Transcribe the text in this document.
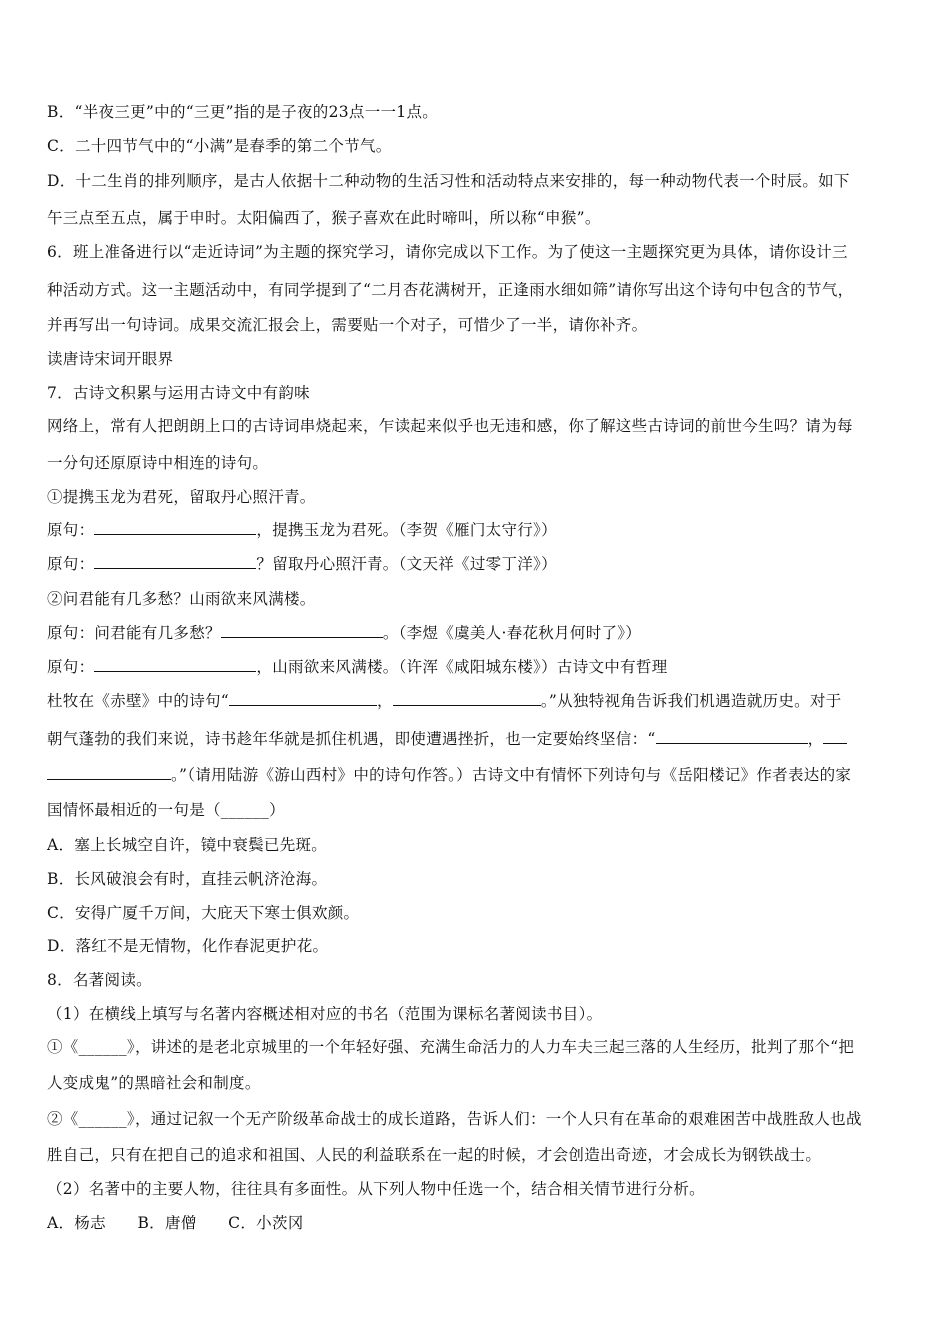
B．“半夜三更”中的“三更”指的是子夜的23点一一1点。
C．二十四节气中的“小满”是春季的第二个节气。
D．十二生肖的排列顺序，是古人依据十二种动物的生活习性和活动特点来安排的，每一种动物代表一个时辰。如下
午三点至五点，属于申时。太阳偏西了，猴子喜欢在此时啼叫，所以称“申猴”。
6．班上准备进行以“走近诗词”为主题的探究学习，请你完成以下工作。为了使这一主题探究更为具体，请你设计三
种活动方式。这一主题活动中，有同学提到了“二月杏花满树开，正逢雨水细如筛”请你写出这个诗句中包含的节气，
并再写出一句诗词。成果交流汇报会上，需要贴一个对子，可惜少了一半，请你补齐。
读唐诗宋词开眼界
7．古诗文积累与运用古诗文中有韵味
网络上，常有人把朗朗上口的古诗词串烧起来，乍读起来似乎也无违和感，你了解这些古诗词的前世今生吗？请为每
一分句还原原诗中相连的诗句。
①提携玉龙为君死，留取丹心照汗青。
原句：	，提携玉龙为君死。（李贺《雁门太守行》）
原句：	？留取丹心照汗青。（文天祥《过零丁洋》）
②问君能有几多愁？山雨欲来风满楼。
原句：问君能有几多愁？	。（李煜《虞美人·春花秋月何时了》）
原句：	，山雨欲来风满楼。（许浑《咸阳城东楼》）古诗文中有哲理
杜牧在《赤壁》中的诗句“	，	。”从独特视角告诉我们机遇造就历史。对于
朝气蓬勃的我们来说，诗书趁年华就是抓住机遇，即使遭遇挫折，也一定要始终坚信：“	，
。”（请用陆游《游山西村》中的诗句作答。）古诗文中有情怀下列诗句与《岳阳楼记》作者表达的家
国情怀最相近的一句是（______）
A．塞上长城空自许，镜中衰鬓已先斑。
B．长风破浪会有时，直挂云帆济沧海。
C．安得广厦千万间，大庇天下寒士俱欢颜。
D．落红不是无情物，化作春泥更护花。
8．名著阅读。
（1）在横线上填写与名著内容概述相对应的书名（范围为课标名著阅读书目）。
①《______》，讲述的是老北京城里的一个年轻好强、充满生命活力的人力车夫三起三落的人生经历，批判了那个“把
人变成鬼”的黑暗社会和制度。
②《______》，通过记叙一个无产阶级革命战士的成长道路，告诉人们：一个人只有在革命的艰难困苦中战胜敌人也战
胜自己，只有在把自己的追求和祖国、人民的利益联系在一起的时候，才会创造出奇迹，才会成长为钢铁战士。
（2）名著中的主要人物，往往具有多面性。从下列人物中任选一个，结合相关情节进行分析。
A．杨志　　B．唐僧　　C．小茨冈
